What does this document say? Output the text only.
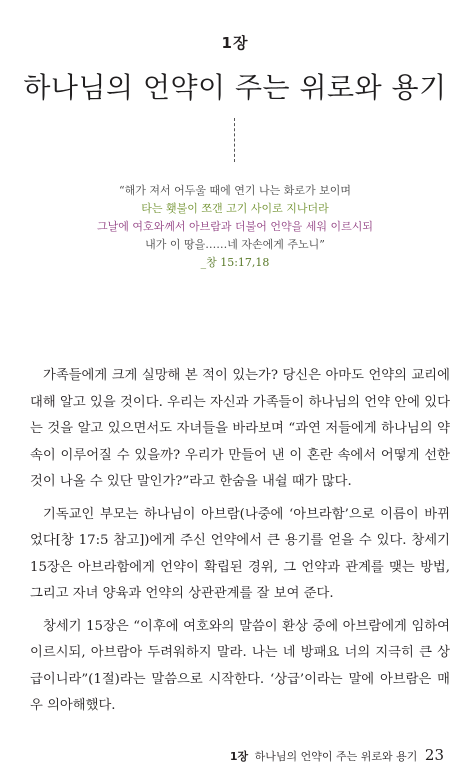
1장
하나님의 언약이 주는 위로와 용기
“해가 져서 어두울 때에 연기 나는 화로가 보이며
타는 횃불이 쪼갠 고기 사이로 지나더라
그날에 여호와께서 아브람과 더불어 언약을 세워 이르시되
내가 이 땅을……네 자손에게 주노니”
_창 15:17,18

가족들에게 크게 실망해 본 적이 있는가? 당신은 아마도 언약의 교리에 대해 알고 있을 것이다. 우리는 자신과 가족들이 하나님의 언약 안에 있다는 것을 알고 있으면서도 자녀들을 바라보며 “과연 저들에게 하나님의 약속이 이루어질 수 있을까? 우리가 만들어 낸 이 혼란 속에서 어떻게 선한 것이 나올 수 있단 말인가?”라고 한숨을 내쉴 때가 많다.

기독교인 부모는 하나님이 아브람(나중에 ‘아브라함’으로 이름이 바뀌었다[창 17:5 참고])에게 주신 언약에서 큰 용기를 얻을 수 있다. 창세기 15장은 아브라함에게 언약이 확립된 경위, 그 언약과 관계를 맺는 방법, 그리고 자녀 양육과 언약의 상관관계를 잘 보여 준다.

창세기 15장은 “이후에 여호와의 말씀이 환상 중에 아브람에게 임하여 이르시되, 아브람아 두려워하지 말라. 나는 네 방패요 너의 지극히 큰 상급이니라”(1절)라는 말씀으로 시작한다. ‘상급’이라는 말에 아브람은 매우 의아해했다.

1장 하나님의 언약이 주는 위로와 용기 23
